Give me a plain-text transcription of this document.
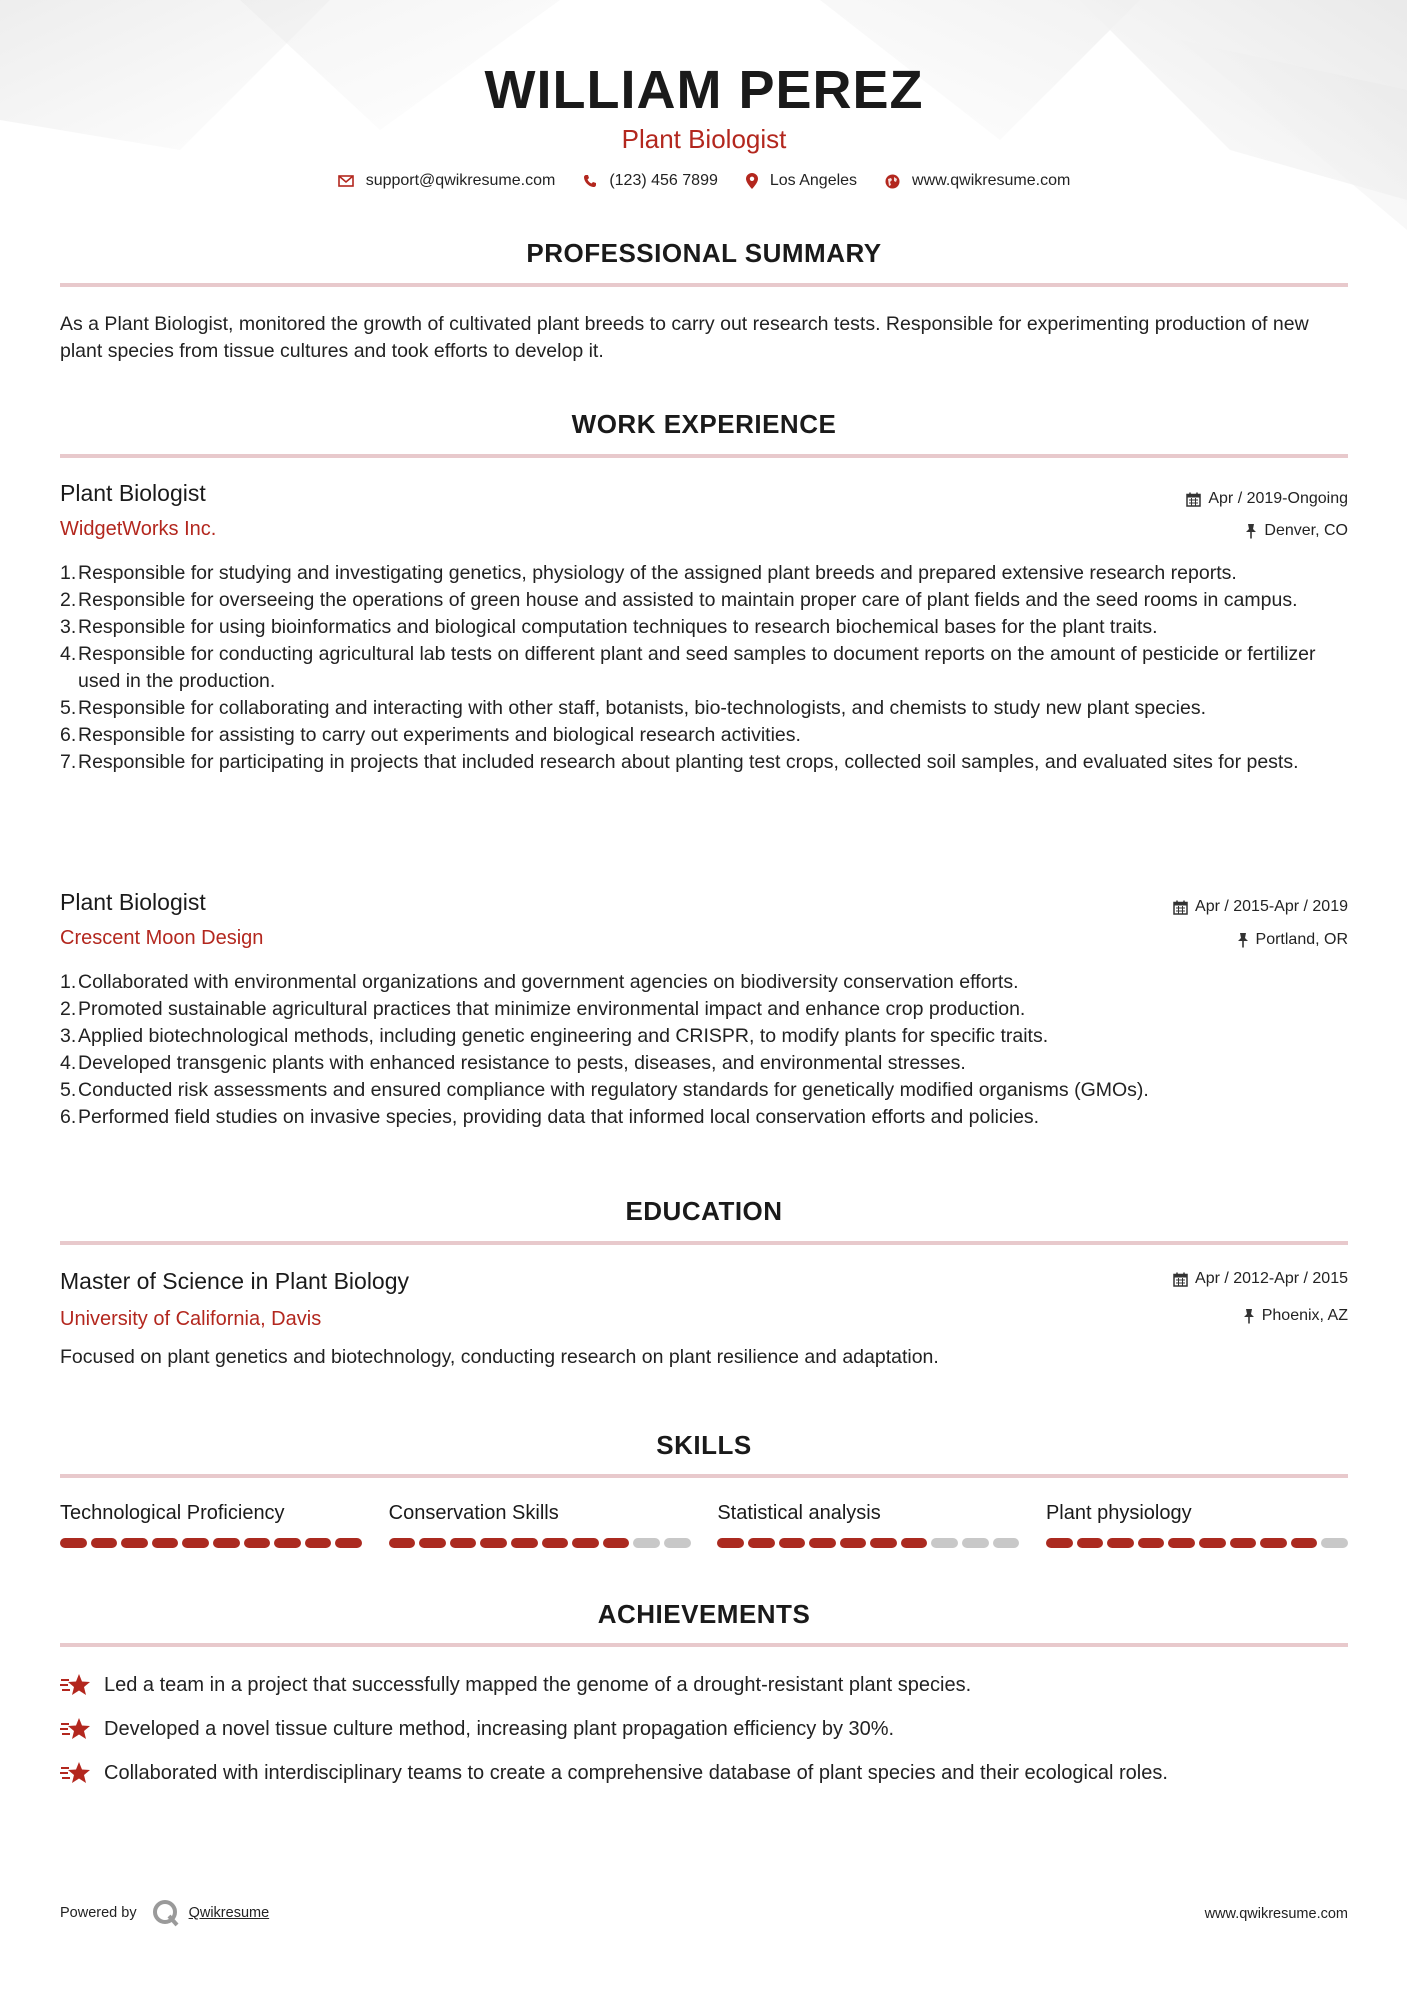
WILLIAM PEREZ
Plant Biologist
support@qwikresume.com	(123) 456 7899	Los Angeles	www.qwikresume.com
PROFESSIONAL SUMMARY
As a Plant Biologist, monitored the growth of cultivated plant breeds to carry out research tests. Responsible for experimenting production of new plant species from tissue cultures and took efforts to develop it.
WORK EXPERIENCE
Plant Biologist	Apr / 2019-Ongoing
WidgetWorks Inc.	Denver, CO
1. Responsible for studying and investigating genetics, physiology of the assigned plant breeds and prepared extensive research reports.
2. Responsible for overseeing the operations of green house and assisted to maintain proper care of plant fields and the seed rooms in campus.
3. Responsible for using bioinformatics and biological computation techniques to research biochemical bases for the plant traits.
4. Responsible for conducting agricultural lab tests on different plant and seed samples to document reports on the amount of pesticide or fertilizer used in the production.
5. Responsible for collaborating and interacting with other staff, botanists, bio-technologists, and chemists to study new plant species.
6. Responsible for assisting to carry out experiments and biological research activities.
7. Responsible for participating in projects that included research about planting test crops, collected soil samples, and evaluated sites for pests.
Plant Biologist	Apr / 2015-Apr / 2019
Crescent Moon Design	Portland, OR
1. Collaborated with environmental organizations and government agencies on biodiversity conservation efforts.
2. Promoted sustainable agricultural practices that minimize environmental impact and enhance crop production.
3. Applied biotechnological methods, including genetic engineering and CRISPR, to modify plants for specific traits.
4. Developed transgenic plants with enhanced resistance to pests, diseases, and environmental stresses.
5. Conducted risk assessments and ensured compliance with regulatory standards for genetically modified organisms (GMOs).
6. Performed field studies on invasive species, providing data that informed local conservation efforts and policies.
EDUCATION
Master of Science in Plant Biology	Apr / 2012-Apr / 2015
University of California, Davis	Phoenix, AZ
Focused on plant genetics and biotechnology, conducting research on plant resilience and adaptation.
SKILLS
Technological Proficiency	Conservation Skills	Statistical analysis	Plant physiology
ACHIEVEMENTS
Led a team in a project that successfully mapped the genome of a drought-resistant plant species.
Developed a novel tissue culture method, increasing plant propagation efficiency by 30%.
Collaborated with interdisciplinary teams to create a comprehensive database of plant species and their ecological roles.
Powered by	Qwikresume	www.qwikresume.com
